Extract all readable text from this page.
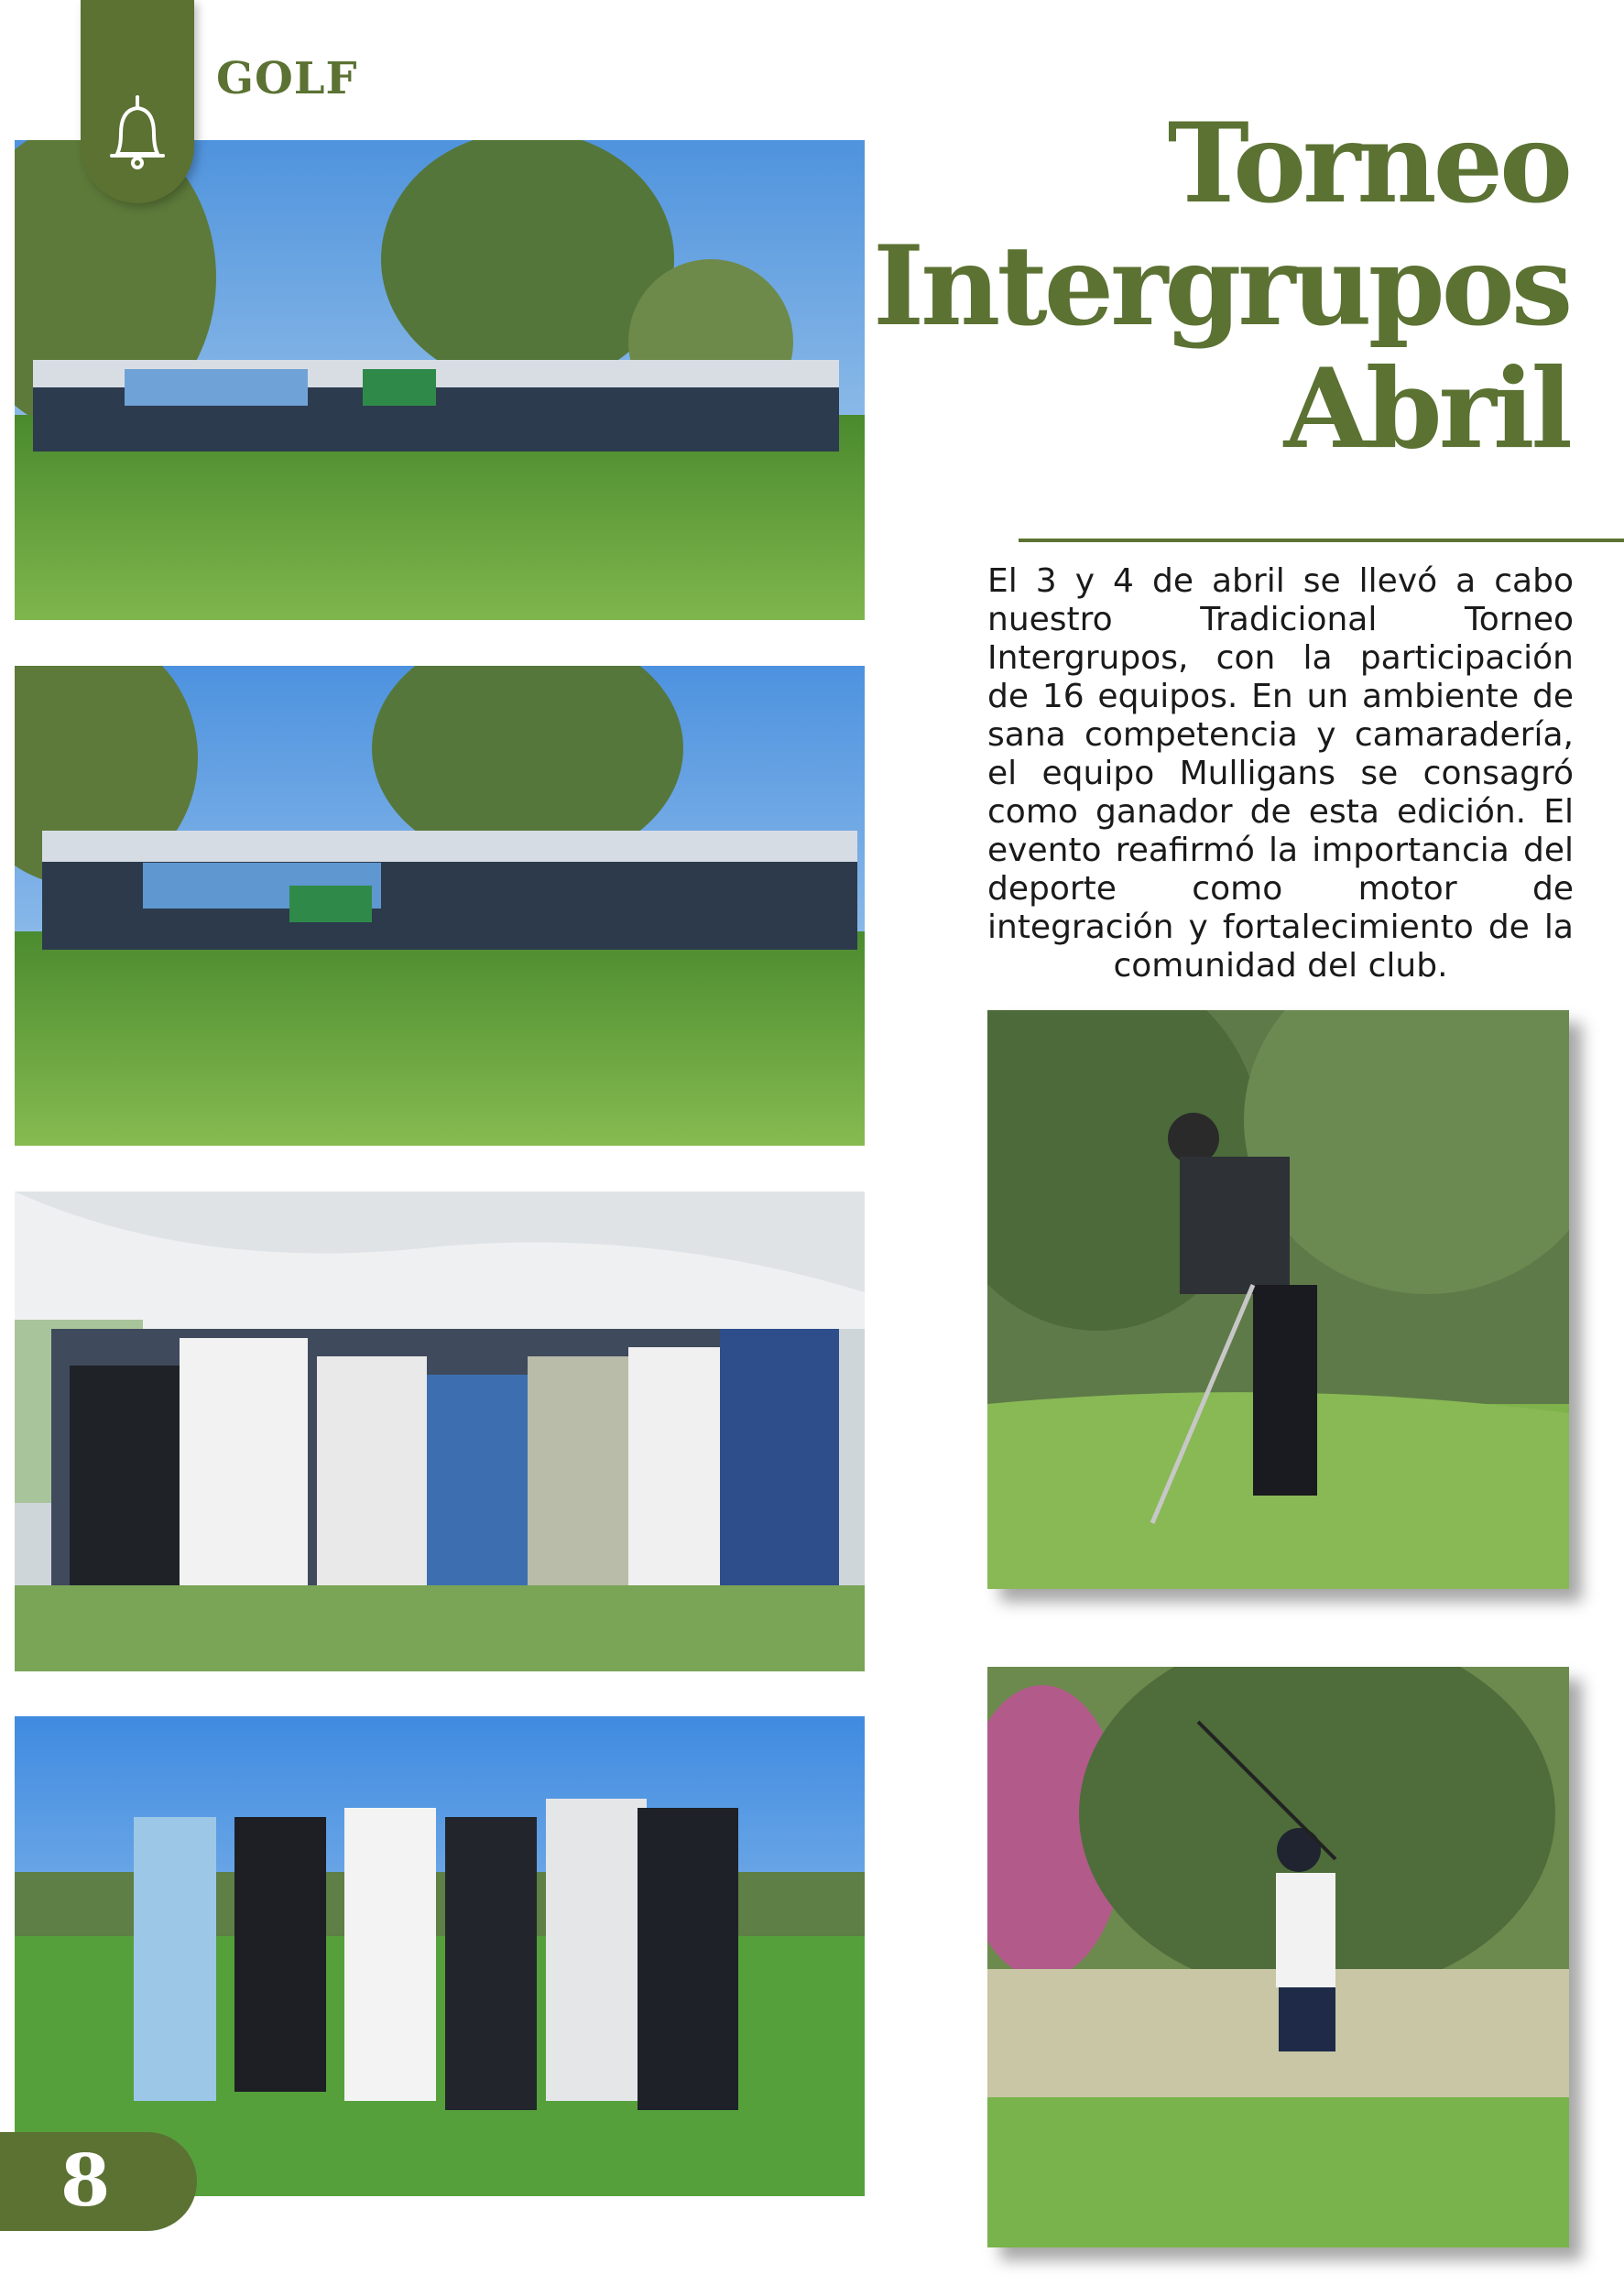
GOLF
Torneo
Intergrupos
Abril
El 3 y 4 de abril se llevó a cabo nuestro Tradicional Torneo Intergrupos, con la participación de 16 equipos. En un ambiente de sana competencia y camaradería, el equipo Mulligans se consagró como ganador de esta edición. El evento reafirmó la importancia del deporte como motor de integración y fortalecimiento de la comunidad del club.
8
